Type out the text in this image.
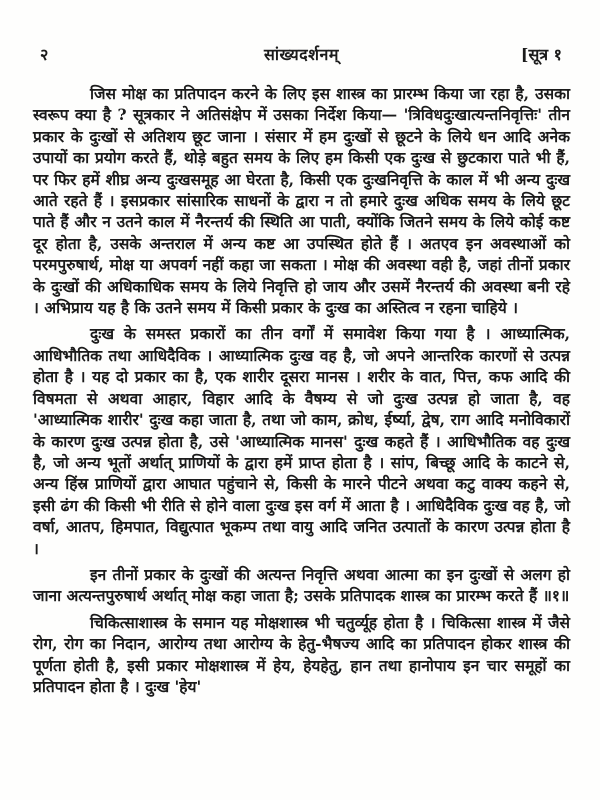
२	सांख्यदर्शनम्	[सूत्र १

जिस मोक्ष का प्रतिपादन करने के लिए इस शास्त्र का प्रारम्भ किया जा रहा है, उसका स्वरूप क्या है ? सूत्रकार ने अतिसंक्षेप में उसका निर्देश किया— 'त्रिविधदुःखात्यन्तनिवृत्तिः' तीन प्रकार के दुःखों से अतिशय छूट जाना । संसार में हम दुःखों से छूटने के लिये धन आदि अनेक उपायों का प्रयोग करते हैं, थोड़े बहुत समय के लिए हम किसी एक दुःख से छुटकारा पाते भी हैं, पर फिर हमें शीघ्र अन्य दुःखसमूह आ घेरता है, किसी एक दुःखनिवृत्ति के काल में भी अन्य दुःख आते रहते हैं । इसप्रकार सांसारिक साधनों के द्वारा न तो हमारे दुःख अधिक समय के लिये छूट पाते हैं और न उतने काल में नैरन्तर्य की स्थिति आ पाती, क्योंकि जितने समय के लिये कोई कष्ट दूर होता है, उसके अन्तराल में अन्य कष्ट आ उपस्थित होते हैं । अतएव इन अवस्थाओं को परमपुरुषार्थ, मोक्ष या अपवर्ग नहीं कहा जा सकता । मोक्ष की अवस्था वही है, जहां तीनों प्रकार के दुःखों की अधिकाधिक समय के लिये निवृत्ति हो जाय और उसमें नैरन्तर्य की अवस्था बनी रहे । अभिप्राय यह है कि उतने समय में किसी प्रकार के दुःख का अस्तित्व न रहना चाहिये ।

दुःख के समस्त प्रकारों का तीन वर्गों में समावेश किया गया है । आध्यात्मिक, आधिभौतिक तथा आधिदैविक । आध्यात्मिक दुःख वह है, जो अपने आन्तरिक कारणों से उत्पन्न होता है । यह दो प्रकार का है, एक शारीर दूसरा मानस । शरीर के वात, पित्त, कफ आदि की विषमता से अथवा आहार, विहार आदि के वैषम्य से जो दुःख उत्पन्न हो जाता है, वह 'आध्यात्मिक शारीर' दुःख कहा जाता है, तथा जो काम, क्रोध, ईर्ष्या, द्वेष, राग आदि मनोविकारों के कारण दुःख उत्पन्न होता है, उसे 'आध्यात्मिक मानस' दुःख कहते हैं । आधिभौतिक वह दुःख है, जो अन्य भूतों अर्थात् प्राणियों के द्वारा हमें प्राप्त होता है । सांप, बिच्छू आदि के काटने से, अन्य हिंस्र प्राणियों द्वारा आघात पहुंचाने से, किसी के मारने पीटने अथवा कटु वाक्य कहने से, इसी ढंग की किसी भी रीति से होने वाला दुःख इस वर्ग में आता है । आधिदैविक दुःख वह है, जो वर्षा, आतप, हिमपात, विद्युत्पात भूकम्प तथा वायु आदि जनित उत्पातों के कारण उत्पन्न होता है ।

इन तीनों प्रकार के दुःखों की अत्यन्त निवृत्ति अथवा आत्मा का इन दुःखों से अलग हो जाना अत्यन्तपुरुषार्थ अर्थात् मोक्ष कहा जाता है; उसके प्रतिपादक शास्त्र का प्रारम्भ करते हैं ॥१॥

चिकित्साशास्त्र के समान यह मोक्षशास्त्र भी चतुर्व्यूह होता है । चिकित्सा शास्त्र में जैसे रोग, रोग का निदान, आरोग्य तथा आरोग्य के हेतु-भैषज्य आदि का प्रतिपादन होकर शास्त्र की पूर्णता होती है, इसी प्रकार मोक्षशास्त्र में हेय, हेयहेतु, हान तथा हानोपाय इन चार समूहों का प्रतिपादन होता है । दुःख 'हेय'
